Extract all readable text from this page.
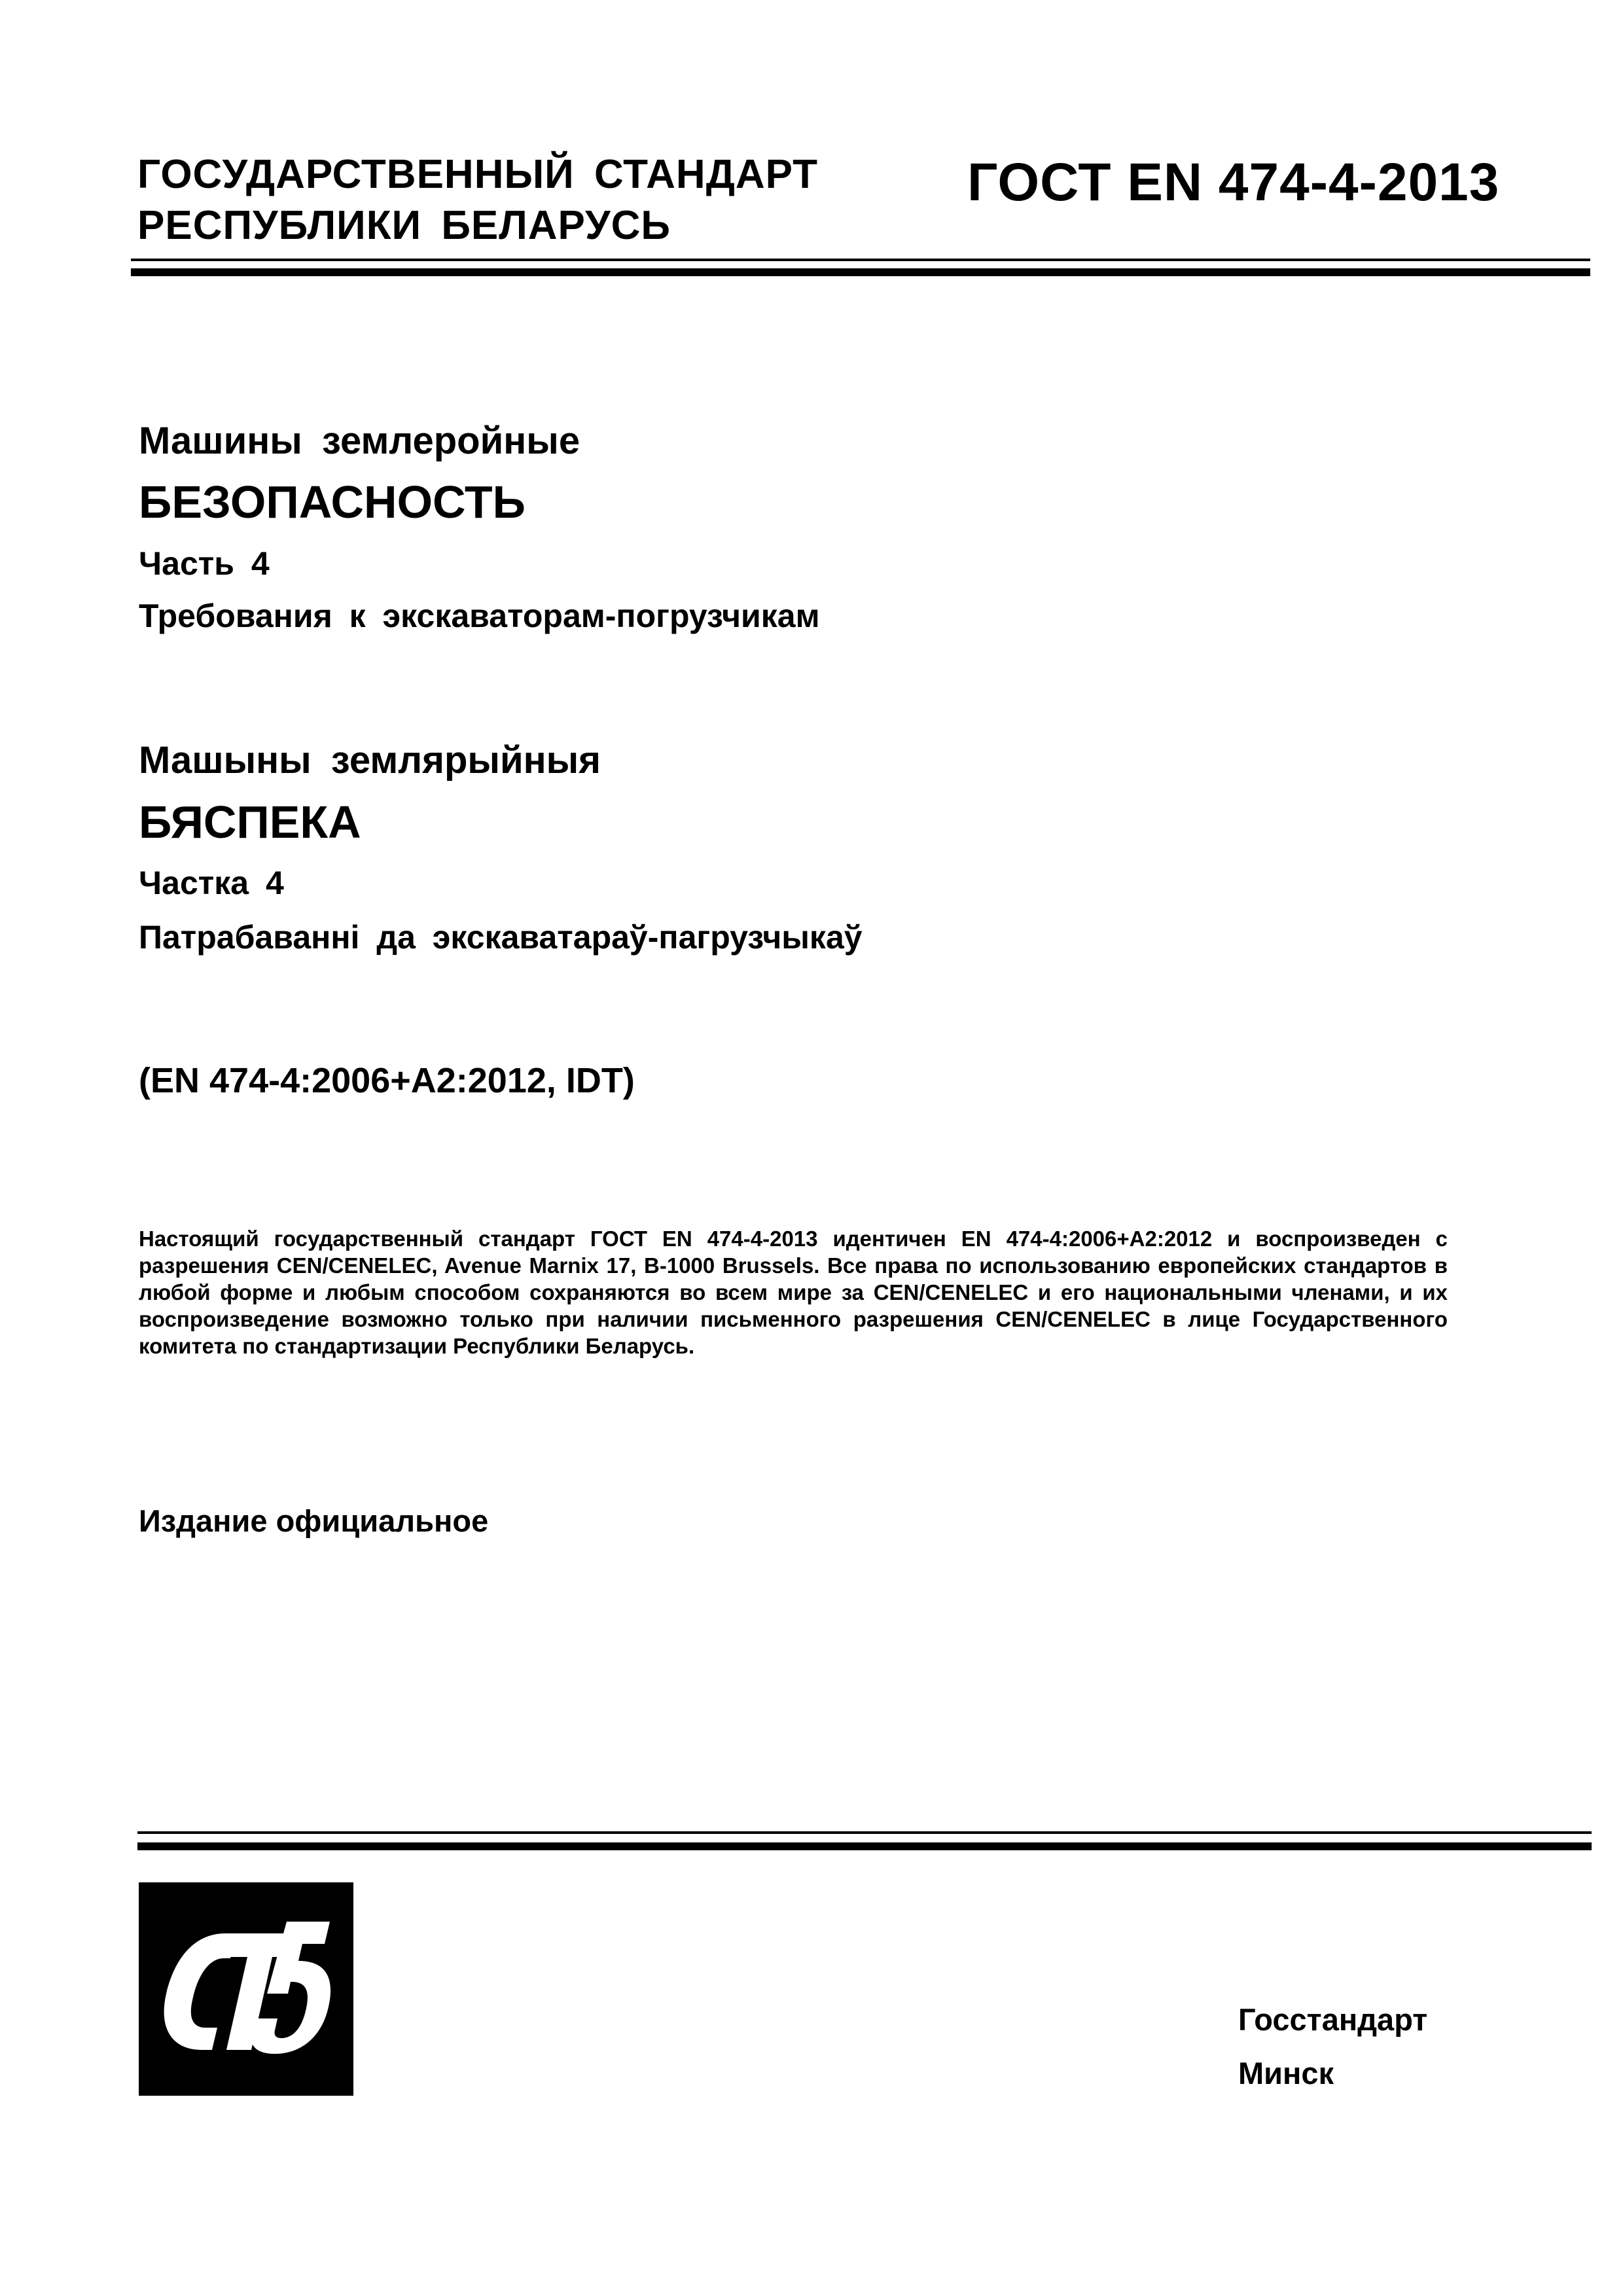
ГОСУДАРСТВЕННЫЙ СТАНДАРТ
РЕСПУБЛИКИ БЕЛАРУСЬ
ГОСТ EN 474-4-2013
Машины землеройные
БЕЗОПАСНОСТЬ
Часть 4
Требования к экскаваторам-погрузчикам
Машыны землярыйныя
БЯСПЕКА
Частка 4
Патрабаванні да экскаватараў-пагрузчыкаў
(EN 474-4:2006+A2:2012, IDT)
Настоящий государственный стандарт ГОСТ EN 474-4-2013 идентичен EN 474-4:2006+A2:2012 и воспроизведен с разрешения CEN/CENELEC, Avenue Marnix 17, B-1000 Brussels. Все права по использованию европейских стандартов в любой форме и любым способом сохраняются во всем мире за CEN/CENELEC и его национальными членами, и их воспроизведение возможно только при наличии письменного разрешения CEN/CENELEC в лице Государственного комитета по стандартизации Республики Беларусь.
Издание официальное
Госстандарт
Минск
